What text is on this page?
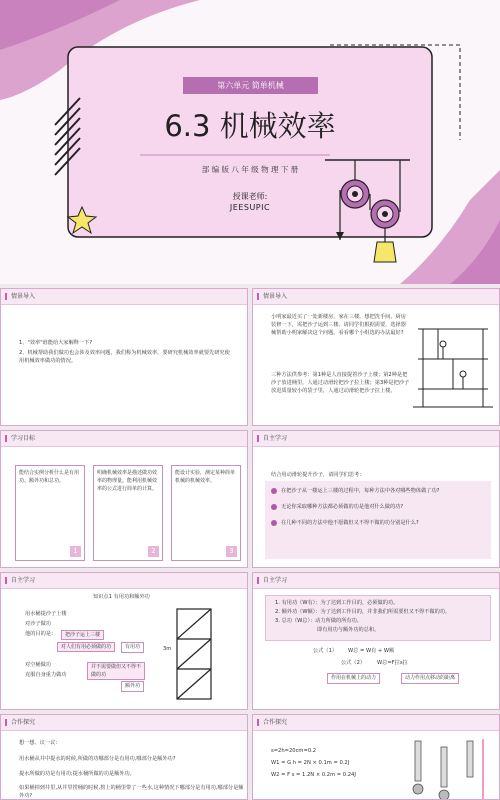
第六单元 简单机械
6.3 机械效率
部 编 版 八 年 级 物 理 下 册
授课老师:
JEESUPIC
情景导入
1、"效率"谁能给大家解释一下?
2、机械帮助我们做功也会涉及效率问题，我们称为机械效率，要研究机械效率就要先研究使用机械效率做功的情况。
情景导入
小明家最近买了一处新楼房，家在三楼。想把洗手间、厨房装修一下，需把沙子运到三楼。请同学们根据需要，选择器械帮助小明家解决这个问题，看看哪个小组选的办法最好?
三种方法供参考：第1种是人直接提着沙子上楼；第2种是把沙子放进桶里，人通过动滑轮把沙子拉上楼；第3种是把沙子放进质量较小的袋子里，人通过动滑轮把沙子拉上楼。
学习目标
能结合实例分析什么是有用功、额外功和总功。
1
明确机械效率是描述做功效率的物理量。能利用机械效率的公式进行简单的计算。
2
能设计实验，测定某种简单机械的机械效率。
3
自主学习
结合用动滑轮提升沙子，请同学们思考：
在把沙子从一楼运上三楼的过程中，每种方法中各对哪些物体做了功?
无论你采取哪种方法都必须做的功是他对什么做的功?
在几种不同的方法中他不愿做但又不得不做的功分别是什么?
自主学习
知识点1 有用功和额外功
用水桶提沙子上楼
对沙子做功
他的目的是：	把沙子运上三楼
对人们有用必须做的功	有用功
对空桶做功
克服自身重力做功
并不需要做但又不得不做的功
额外功
3m
自主学习
1. 有用功（W有）：为了达到工作目的，必须做的功。
2. 额外功（W额）：为了达到工作目的，并非我们所需要但又不得不做的功。
3. 总功（W总）：动力所做的所有功。
即有用功与额外功的总和。
公式（1）	W总 = W有 + W额
公式（2）	W总=F拉s拉
作用在机械上的动力	动力作用点移动的距离
合作探究
想一想、议一议：
用水桶从井中提水的时候,所做的功哪部分是有用功,哪部分是额外功?
提水所做的功是有用功;提水桶所做的功是额外功。
如果桶掉到井里,从井里捞桶的时候,捞上的桶里带了一些水,这种情况下哪部分是有用功,哪部分是额外功?
合作探究
s=2h=20cm=0.2
W1 = G h = 2N × 0.1m = 0.2J
W2 = F s = 1.2N × 0.2m = 0.24J
